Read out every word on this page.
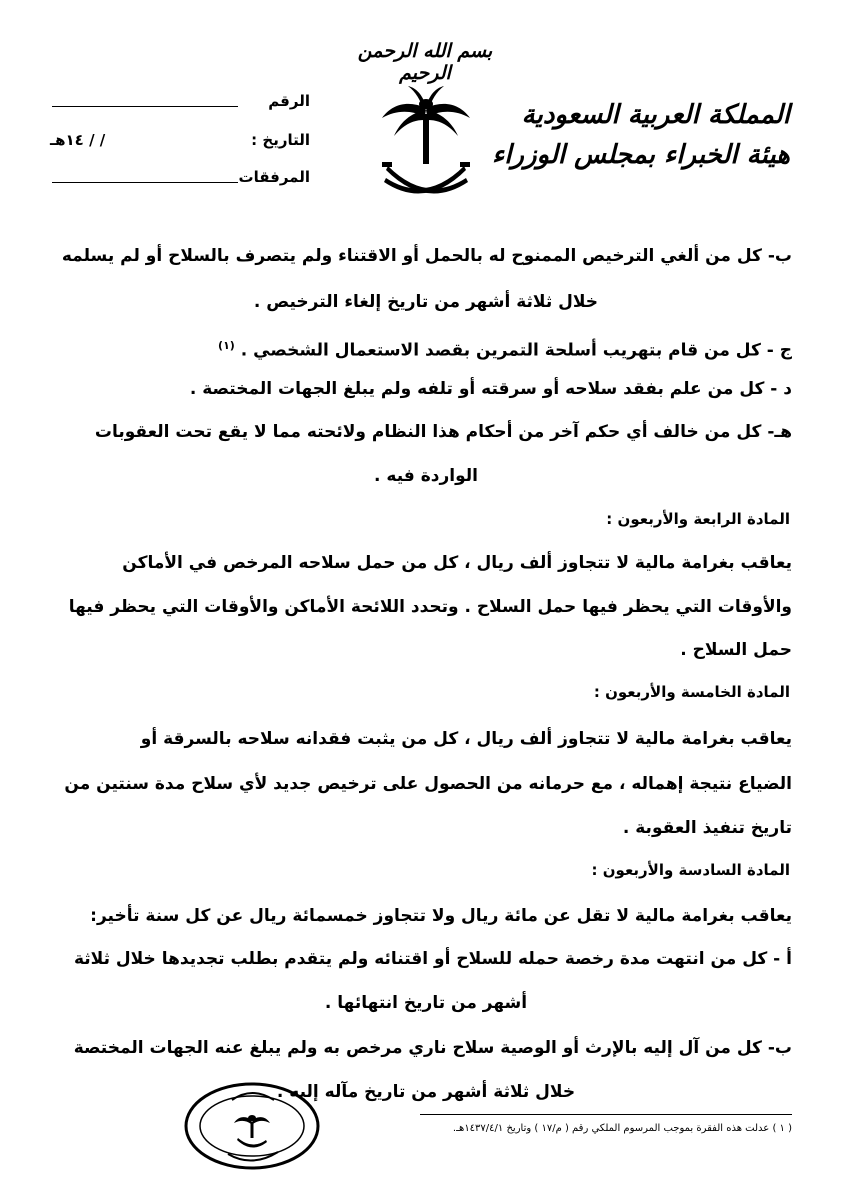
بسم الله الرحمن الرحيم
المملكة العربية السعودية
هيئة الخبراء بمجلس الوزراء
الرقم
التاريخ :
١٤هـ / /
المرفقات
ب- كل من ألغي الترخيص الممنوح له بالحمل أو الاقتناء ولم يتصرف بالسلاح أو لم يسلمه
خلال ثلاثة أشهر من تاريخ إلغاء الترخيص .
ج - كل من قام بتهريب أسلحة التمرين بقصد الاستعمال الشخصي . $^{(١)}$
د - كل من علم بفقد سلاحه أو سرقته أو تلفه ولم يبلغ الجهات المختصة .
هـ- كل من خالف أي حكم آخر من أحكام هذا النظام ولائحته مما لا يقع تحت العقوبات
الواردة فيه .
المادة الرابعة والأربعون :
يعاقب بغرامة مالية لا تتجاوز ألف ريال ، كل من حمل سلاحه المرخص في الأماكن
والأوقات التي يحظر فيها حمل السلاح . وتحدد اللائحة الأماكن والأوقات التي يحظر فيها
حمل السلاح .
المادة الخامسة والأربعون :
يعاقب بغرامة مالية لا تتجاوز ألف ريال ، كل من يثبت فقدانه سلاحه بالسرقة أو
الضياع نتيجة إهماله ، مع حرمانه من الحصول على ترخيص جديد لأي سلاح مدة سنتين من
تاريخ تنفيذ العقوبة .
المادة السادسة والأربعون :
يعاقب بغرامة مالية لا تقل عن مائة ريال ولا تتجاوز خمسمائة ريال عن كل سنة تأخير:
أ - كل من انتهت مدة رخصة حمله للسلاح أو اقتنائه ولم يتقدم بطلب تجديدها خلال ثلاثة
أشهر من تاريخ انتهائها .
ب- كل من آل إليه بالإرث أو الوصية سلاح ناري مرخص به ولم يبلغ عنه الجهات المختصة
خلال ثلاثة أشهر من تاريخ مآله إليه .
( ١ ) عدلت هذه الفقرة بموجب المرسوم الملكي رقم ( م/١٧ ) وتاريخ ١٤٣٧/٤/١هـ.
